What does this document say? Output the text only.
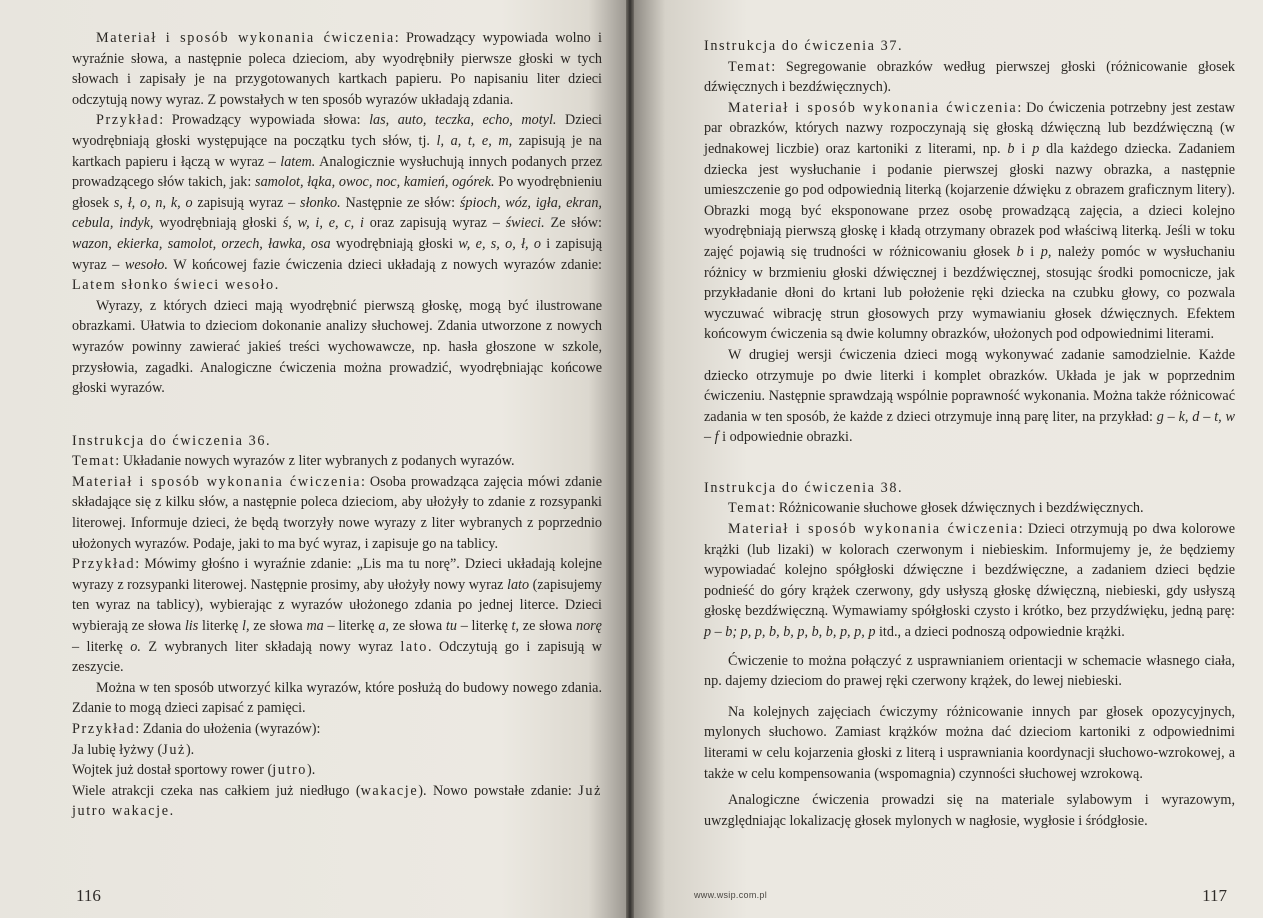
Materiał i sposób wykonania ćwiczenia: Prowadzący wypowiada wolno i wyraźnie słowa, a następnie poleca dzieciom, aby wyodrębniły pierwsze głoski w tych słowach i zapisały je na przygotowanych kartkach papieru. Po napisaniu liter dzieci odczytują nowy wyraz. Z powstałych w ten sposób wyrazów układają zdania.

Przykład: Prowadzący wypowiada słowa: las, auto, teczka, echo, motyl. Dzieci wyodrębniają głoski występujące na początku tych słów, tj. l, a, t, e, m, zapisują je na kartkach papieru i łączą w wyraz – latem. Analogicznie wysłuchują innych podanych przez prowadzącego słów takich, jak: samolot, łąka, owoc, noc, kamień, ogórek. Po wyodrębnieniu głosek s, ł, o, n, k, o zapisują wyraz – słonko. Następnie ze słów: śpioch, wóz, igła, ekran, cebula, indyk, wyodrębniają głoski ś, w, i, e, c, i oraz zapisują wyraz – świeci. Ze słów: wazon, ekierka, samolot, orzech, ławka, osa wyodrębniają głoski w, e, s, o, ł, o i zapisują wyraz – wesoło. W końcowej fazie ćwiczenia dzieci układają z nowych wyrazów zdanie: Latem słonko świeci wesoło.

Wyrazy, z których dzieci mają wyodrębnić pierwszą głoskę, mogą być ilustrowane obrazkami. Ułatwia to dzieciom dokonanie analizy słuchowej. Zdania utworzone z nowych wyrazów powinny zawierać jakieś treści wychowawcze, np. hasła głoszone w szkole, przysłowia, zagadki. Analogiczne ćwiczenia można prowadzić, wyodrębniając końcowe głoski wyrazów.

Instrukcja do ćwiczenia 36.

Temat: Układanie nowych wyrazów z liter wybranych z podanych wyrazów.

Materiał i sposób wykonania ćwiczenia: Osoba prowadząca zajęcia mówi zdanie składające się z kilku słów, a następnie poleca dzieciom, aby ułożyły to zdanie z rozsypanki literowej. Informuje dzieci, że będą tworzyły nowe wyrazy z liter wybranych z poprzednio ułożonych wyrazów. Podaje, jaki to ma być wyraz, i zapisuje go na tablicy.

Przykład: Mówimy głośno i wyraźnie zdanie: „Lis ma tu norę”. Dzieci układają kolejne wyrazy z rozsypanki literowej. Następnie prosimy, aby ułożyły nowy wyraz lato (zapisujemy ten wyraz na tablicy), wybierając z wyrazów ułożonego zdania po jednej literce. Dzieci wybierają ze słowa lis literkę l, ze słowa ma – literkę a, ze słowa tu – literkę t, ze słowa norę – literkę o. Z wybranych liter składają nowy wyraz lato. Odczytują go i zapisują w zeszycie.

Można w ten sposób utworzyć kilka wyrazów, które posłużą do budowy nowego zdania. Zdanie to mogą dzieci zapisać z pamięci.

Przykład: Zdania do ułożenia (wyrazów):

Ja lubię łyżwy (Już).

Wojtek już dostał sportowy rower (jutro).

Wiele atrakcji czeka nas całkiem już niedługo (wakacje). Nowo powstałe zdanie: Już jutro wakacje.

116

Instrukcja do ćwiczenia 37.

Temat: Segregowanie obrazków według pierwszej głoski (różnicowanie głosek dźwięcznych i bezdźwięcznych).

Materiał i sposób wykonania ćwiczenia: Do ćwiczenia potrzebny jest zestaw par obrazków, których nazwy rozpoczynają się głoską dźwięczną lub bezdźwięczną (w jednakowej liczbie) oraz kartoniki z literami, np. b i p dla każdego dziecka. Zadaniem dziecka jest wysłuchanie i podanie pierwszej głoski nazwy obrazka, a następnie umieszczenie go pod odpowiednią literką (kojarzenie dźwięku z obrazem graficznym litery). Obrazki mogą być eksponowane przez osobę prowadzącą zajęcia, a dzieci kolejno wyodrębniają pierwszą głoskę i kładą otrzymany obrazek pod właściwą literką. Jeśli w toku zajęć pojawią się trudności w różnicowaniu głosek b i p, należy pomóc w wysłuchaniu różnicy w brzmieniu głoski dźwięcznej i bezdźwięcznej, stosując środki pomocnicze, jak przykładanie dłoni do krtani lub położenie ręki dziecka na czubku głowy, co pozwala wyczuwać wibrację strun głosowych przy wymawianiu głosek dźwięcznych. Efektem końcowym ćwiczenia są dwie kolumny obrazków, ułożonych pod odpowiednimi literami.

W drugiej wersji ćwiczenia dzieci mogą wykonywać zadanie samodzielnie. Każde dziecko otrzymuje po dwie literki i komplet obrazków. Układa je jak w poprzednim ćwiczeniu. Następnie sprawdzają wspólnie poprawność wykonania. Można także różnicować zadania w ten sposób, że każde z dzieci otrzymuje inną parę liter, na przykład: g – k, d – t, w – f i odpowiednie obrazki.

Instrukcja do ćwiczenia 38.

Temat: Różnicowanie słuchowe głosek dźwięcznych i bezdźwięcznych.

Materiał i sposób wykonania ćwiczenia: Dzieci otrzymują po dwa kolorowe krążki (lub lizaki) w kolorach czerwonym i niebieskim. Informujemy je, że będziemy wypowiadać kolejno spółgłoski dźwięczne i bezdźwięczne, a zadaniem dzieci będzie podnieść do góry krążek czerwony, gdy usłyszą głoskę dźwięczną, niebieski, gdy usłyszą głoskę bezdźwięczną. Wymawiamy spółgłoski czysto i krótko, bez przydźwięku, jedną parę: p – b; p, p, b, b, p, b, b, p, p, p itd., a dzieci podnoszą odpowiednie krążki.

Ćwiczenie to można połączyć z usprawnianiem orientacji w schemacie własnego ciała, np. dajemy dzieciom do prawej ręki czerwony krążek, do lewej niebieski.

Na kolejnych zajęciach ćwiczymy różnicowanie innych par głosek opozycyjnych, mylonych słuchowo. Zamiast krążków można dać dzieciom kartoniki z odpowiednimi literami w celu kojarzenia głoski z literą i usprawniania koordynacji słuchowo-wzrokowej, a także w celu kompensowania (wspomagnia) czynności słuchowej wzrokową.

Analogiczne ćwiczenia prowadzi się na materiale sylabowym i wyrazowym, uwzględniając lokalizację głosek mylonych w nagłosie, wygłosie i śródgłosie.

www.wsip.com.pl	117
